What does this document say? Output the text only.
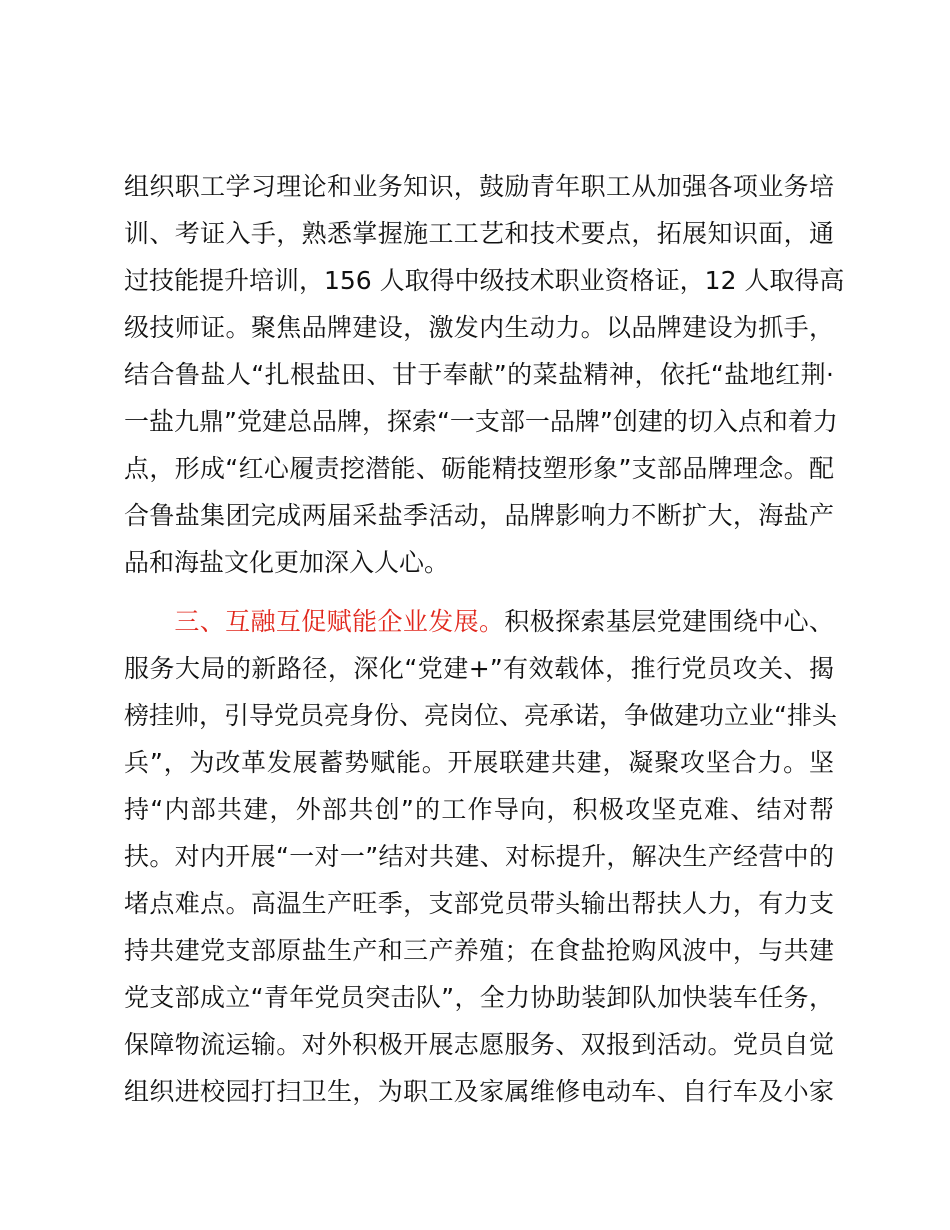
组织职工学习理论和业务知识，鼓励青年职工从加强各项业务培
训、考证入手，熟悉掌握施工工艺和技术要点，拓展知识面，通
过技能提升培训，156 人取得中级技术职业资格证，12 人取得高
级技师证。聚焦品牌建设，激发内生动力。以品牌建设为抓手，
结合鲁盐人“扎根盐田、甘于奉献”的菜盐精神，依托“盐地红荆·
一盐九鼎”党建总品牌，探索“一支部一品牌”创建的切入点和着力
点，形成“红心履责挖潜能、砺能精技塑形象”支部品牌理念。配
合鲁盐集团完成两届采盐季活动，品牌影响力不断扩大，海盐产
品和海盐文化更加深入人心。
三、互融互促赋能企业发展。积极探索基层党建围绕中心、
服务大局的新路径，深化“党建+”有效载体，推行党员攻关、揭
榜挂帅，引导党员亮身份、亮岗位、亮承诺，争做建功立业“排头
兵”，为改革发展蓄势赋能。开展联建共建，凝聚攻坚合力。坚
持“内部共建，外部共创”的工作导向，积极攻坚克难、结对帮
扶。对内开展“一对一”结对共建、对标提升，解决生产经营中的
堵点难点。高温生产旺季，支部党员带头输出帮扶人力，有力支
持共建党支部原盐生产和三产养殖；在食盐抢购风波中，与共建
党支部成立“青年党员突击队”，全力协助装卸队加快装车任务，
保障物流运输。对外积极开展志愿服务、双报到活动。党员自觉
组织进校园打扫卫生，为职工及家属维修电动车、自行车及小家
